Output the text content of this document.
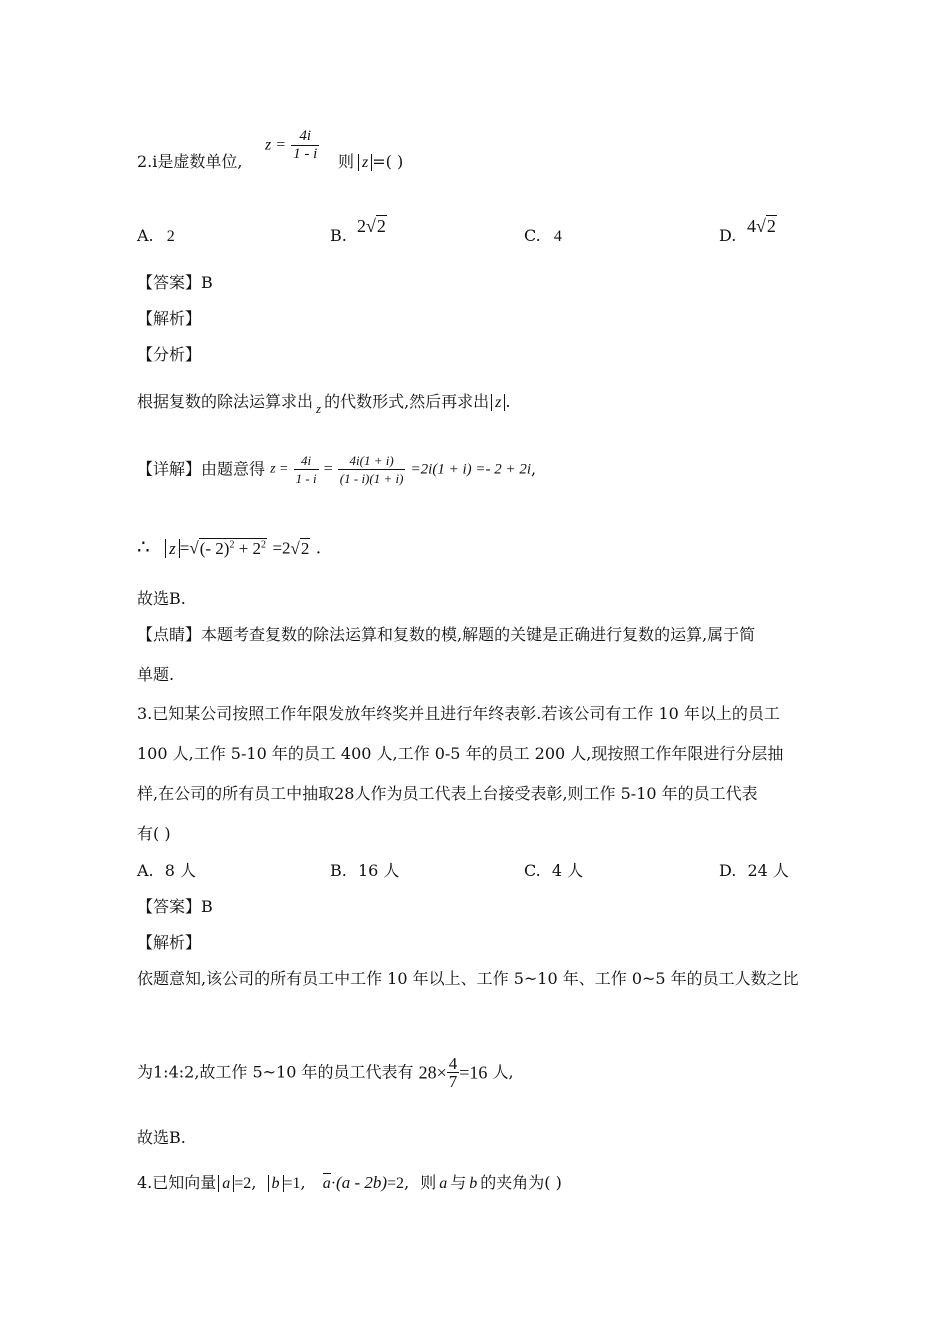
2.i是虚数单位,
$z = \frac{4i}{1 - i}$ 则 z =( )
A. 2	B. 2√2	C. 4	D. 4√2
【答案】B
【解析】
【分析】
根据复数的除法运算求出 $_z$ 的代数形式,然后再求出 z .
【详解】由题意得 $z = \frac{4i}{1 - i} = \frac{4i(1 + i)}{(1 - i)(1 + i)} =2i(1 + i) =- 2 + 2i$,
∴ z =√(- $2)^2 + 2^2 =2√2$ .
故选B.
【点睛】本题考查复数的除法运算和复数的模,解题的关键是正确进行复数的运算,属于简
单题.
3.已知某公司按照工作年限发放年终奖并且进行年终表彰.若该公司有工作 10 年以上的员工
100 人,工作 5-10 年的员工 400 人,工作 0-5 年的员工 200 人,现按照工作年限进行分层抽
样,在公司的所有员工中抽取28人作为员工代表上台接受表彰,则工作 5-10 年的员工代表
有( )
A. 8 人	B. 16 人	C. 4 人	D. 24 人
【答案】B
【解析】
依题意知,该公司的所有员工中工作 10 年以上、工作 5~10 年、工作 0~5 年的员工人数之比
为1:4:2,故工作 5~10 年的员工代表有 $28\times \frac{4}{7} =16$ 人,
故选B.
4.已知向量 a =2, b =1, a·(a - 2b)=2, 则 a 与 b 的夹角为( )
